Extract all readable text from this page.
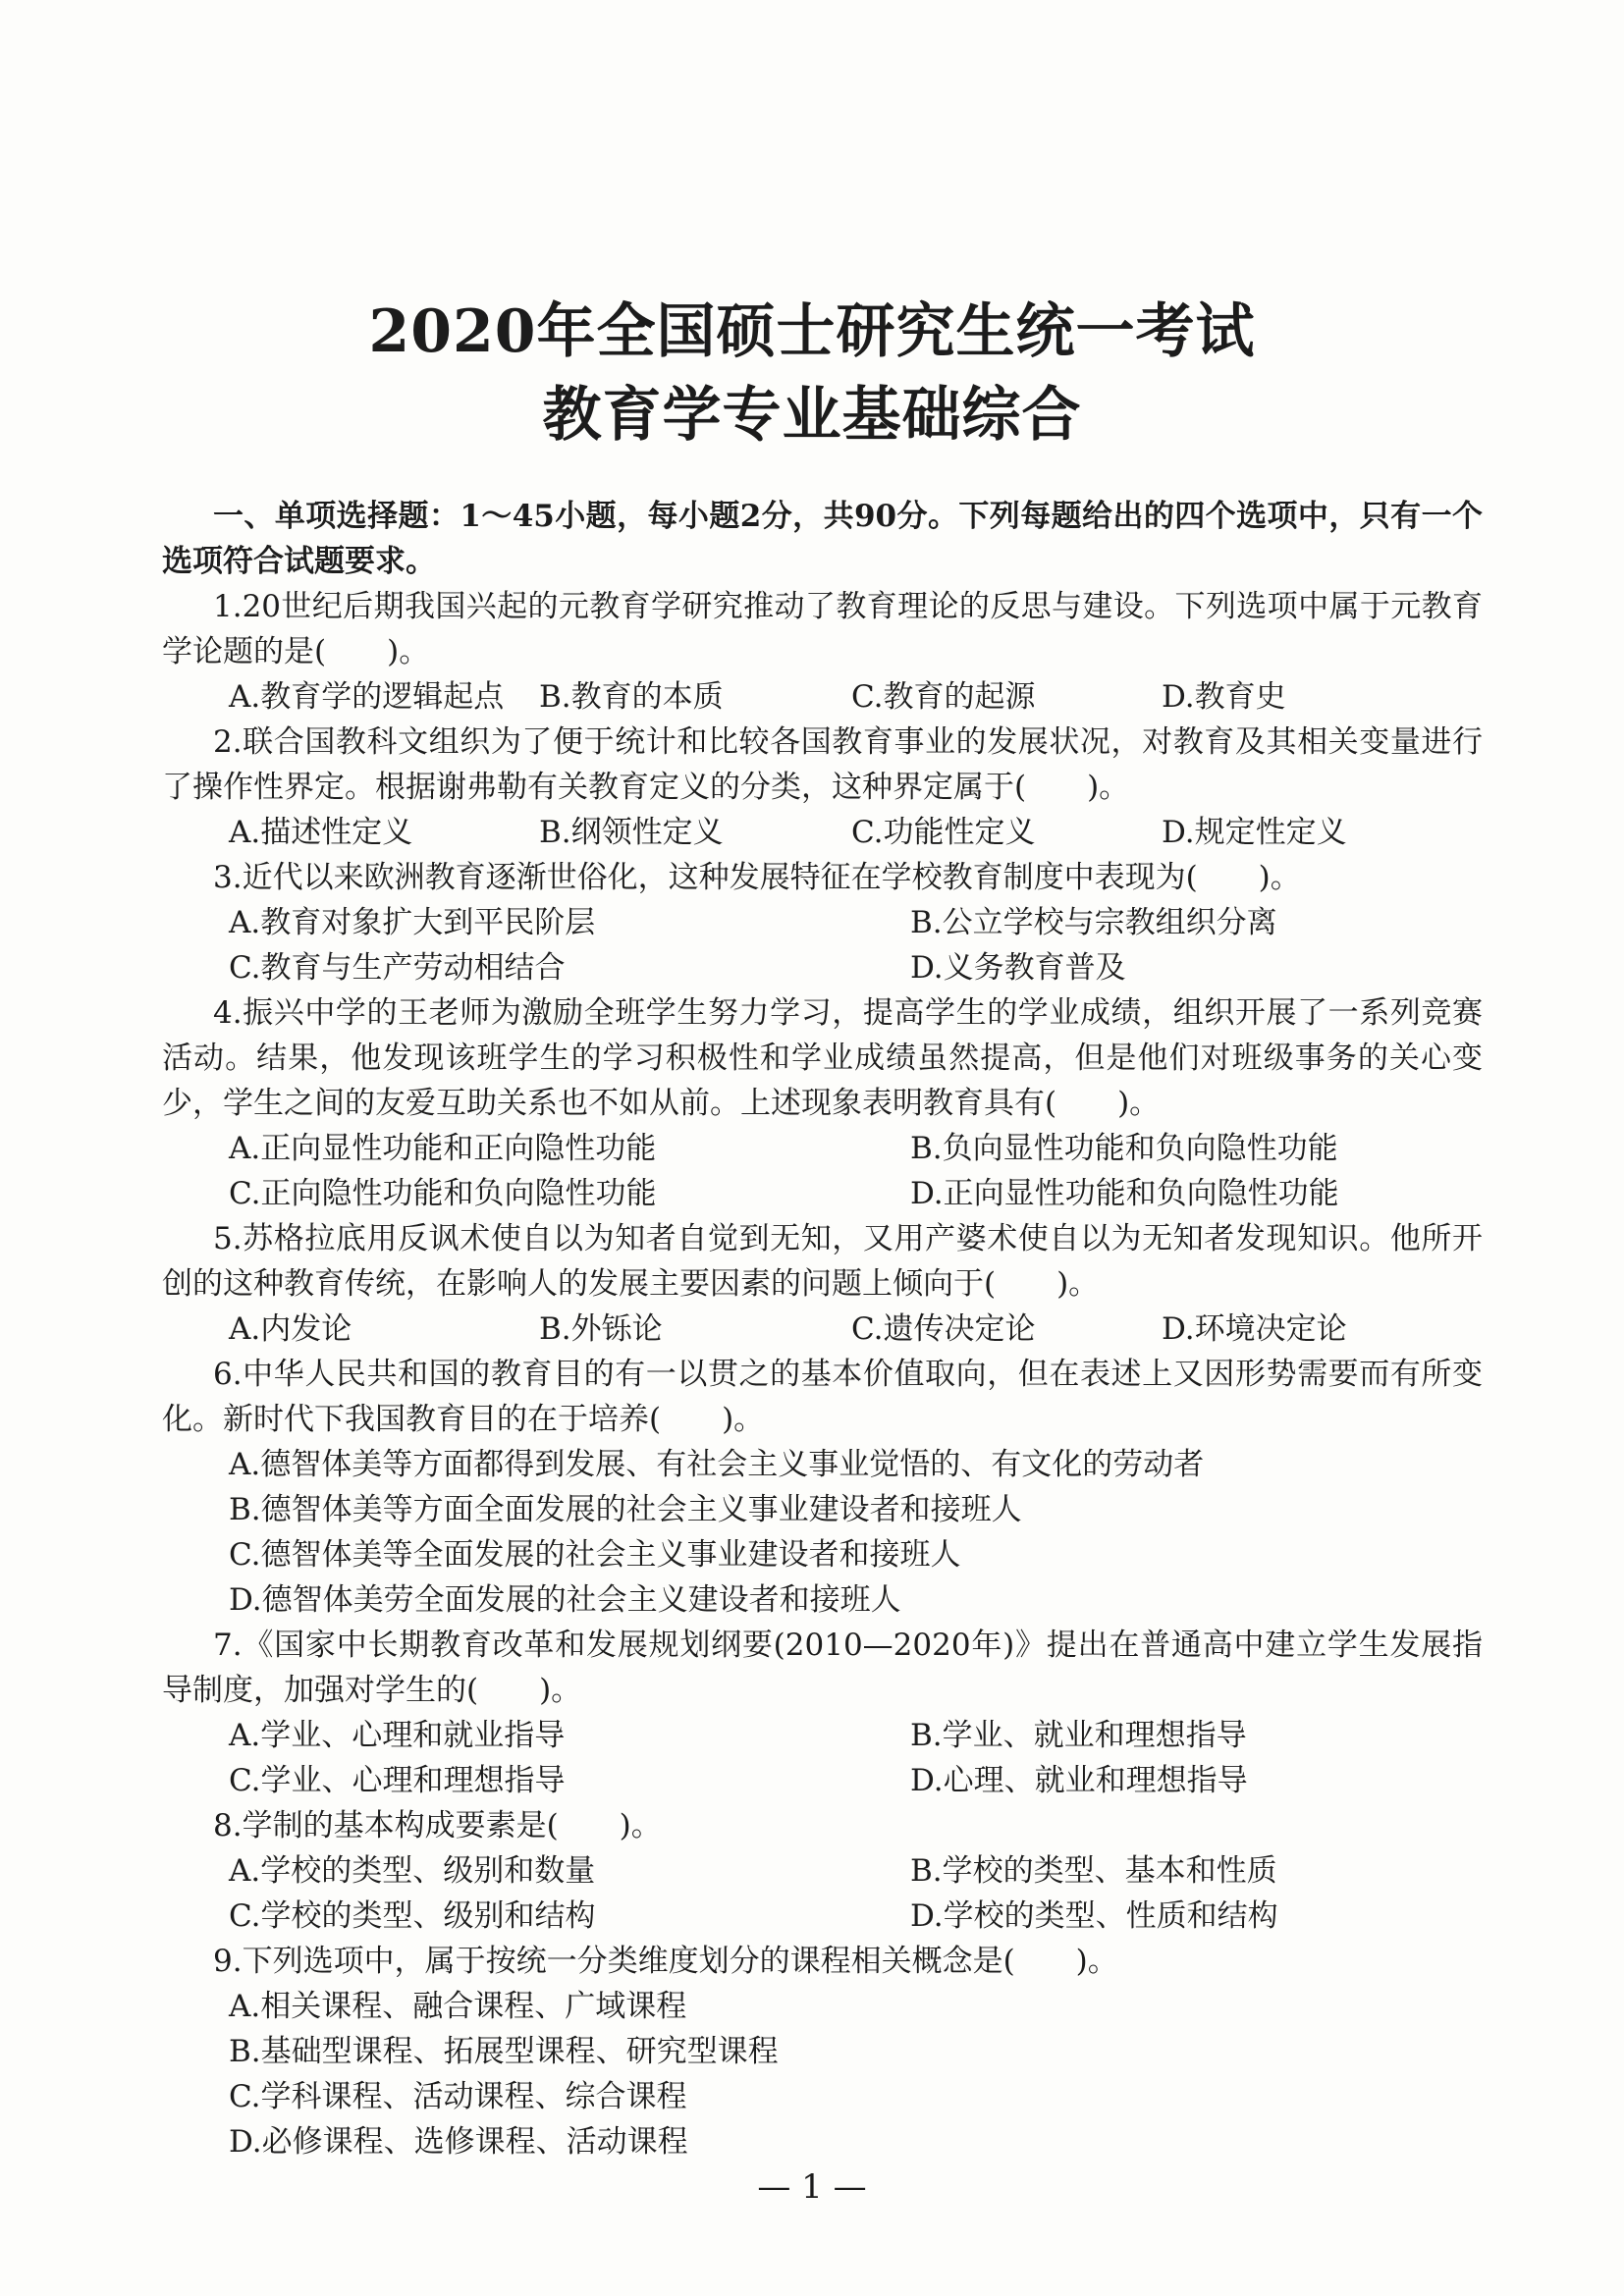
2020年全国硕士研究生统一考试
教育学专业基础综合
一、单项选择题：1～45小题，每小题2分，共90分。下列每题给出的四个选项中，只有一个选项符合试题要求。
1.20世纪后期我国兴起的元教育学研究推动了教育理论的反思与建设。下列选项中属于元教育学论题的是(　　)。
A.教育学的逻辑起点	B.教育的本质	C.教育的起源	D.教育史
2.联合国教科文组织为了便于统计和比较各国教育事业的发展状况，对教育及其相关变量进行了操作性界定。根据谢弗勒有关教育定义的分类，这种界定属于(　　)。
A.描述性定义	B.纲领性定义	C.功能性定义	D.规定性定义
3.近代以来欧洲教育逐渐世俗化，这种发展特征在学校教育制度中表现为(　　)。
A.教育对象扩大到平民阶层	B.公立学校与宗教组织分离
C.教育与生产劳动相结合	D.义务教育普及
4.振兴中学的王老师为激励全班学生努力学习，提高学生的学业成绩，组织开展了一系列竞赛活动。结果，他发现该班学生的学习积极性和学业成绩虽然提高，但是他们对班级事务的关心变少，学生之间的友爱互助关系也不如从前。上述现象表明教育具有(　　)。
A.正向显性功能和正向隐性功能	B.负向显性功能和负向隐性功能
C.正向隐性功能和负向隐性功能	D.正向显性功能和负向隐性功能
5.苏格拉底用反讽术使自以为知者自觉到无知，又用产婆术使自以为无知者发现知识。他所开创的这种教育传统，在影响人的发展主要因素的问题上倾向于(　　)。
A.内发论	B.外铄论	C.遗传决定论	D.环境决定论
6.中华人民共和国的教育目的有一以贯之的基本价值取向，但在表述上又因形势需要而有所变化。新时代下我国教育目的在于培养(　　)。
A.德智体美等方面都得到发展、有社会主义事业觉悟的、有文化的劳动者
B.德智体美等方面全面发展的社会主义事业建设者和接班人
C.德智体美等全面发展的社会主义事业建设者和接班人
D.德智体美劳全面发展的社会主义建设者和接班人
7.《国家中长期教育改革和发展规划纲要(2010—2020年)》提出在普通高中建立学生发展指导制度，加强对学生的(　　)。
A.学业、心理和就业指导	B.学业、就业和理想指导
C.学业、心理和理想指导	D.心理、就业和理想指导
8.学制的基本构成要素是(　　)。
A.学校的类型、级别和数量	B.学校的类型、基本和性质
C.学校的类型、级别和结构	D.学校的类型、性质和结构
9.下列选项中，属于按统一分类维度划分的课程相关概念是(　　)。
A.相关课程、融合课程、广域课程
B.基础型课程、拓展型课程、研究型课程
C.学科课程、活动课程、综合课程
D.必修课程、选修课程、活动课程
— 1 —
